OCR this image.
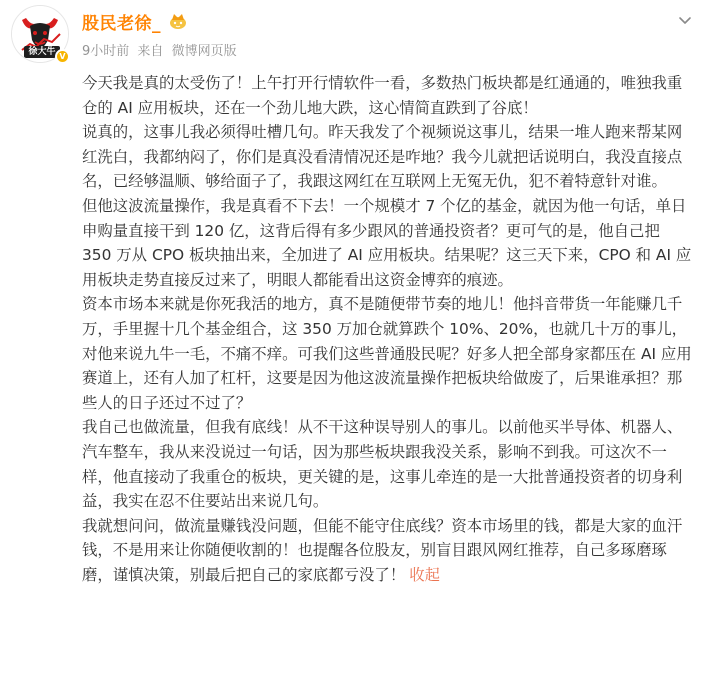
徐大牛 V
股民老徐_
9小时前 来自 微博网页版

今天我是真的太受伤了！上午打开行情软件一看，多数热门板块都是红通通的，唯独我重仓的 AI 应用板块，还在一个劲儿地大跌，这心情简直跌到了谷底！

说真的，这事儿我必须得吐槽几句。昨天我发了个视频说这事儿，结果一堆人跑来帮某网红洗白，我都纳闷了，你们是真没看清情况还是咋地？我今儿就把话说明白，我没直接点名，已经够温顺、够给面子了，我跟这网红在互联网上无冤无仇，犯不着特意针对谁。

但他这波流量操作，我是真看不下去！一个规模才 7 个亿的基金，就因为他一句话，单日申购量直接干到 120 亿，这背后得有多少跟风的普通投资者？更可气的是，他自己把 350 万从 CPO 板块抽出来，全加进了 AI 应用板块。结果呢？这三天下来，CPO 和 AI 应用板块走势直接反过来了，明眼人都能看出这资金博弈的痕迹。

资本市场本来就是你死我活的地方，真不是随便带节奏的地儿！他抖音带货一年能赚几千万，手里握十几个基金组合，这 350 万加仓就算跌个 10%、20%，也就几十万的事儿，对他来说九牛一毛，不痛不痒。可我们这些普通股民呢？好多人把全部身家都压在 AI 应用赛道上，还有人加了杠杆，这要是因为他这波流量操作把板块给做废了，后果谁承担？那些人的日子还过不过了？

我自己也做流量，但我有底线！从不干这种误导别人的事儿。以前他买半导体、机器人、汽车整车，我从来没说过一句话，因为那些板块跟我没关系，影响不到我。可这次不一样，他直接动了我重仓的板块，更关键的是，这事儿牵连的是一大批普通投资者的切身利益，我实在忍不住要站出来说几句。

我就想问问，做流量赚钱没问题，但能不能守住底线？资本市场里的钱，都是大家的血汗钱，不是用来让你随便收割的！也提醒各位股友，别盲目跟风网红推荐，自己多琢磨琢磨，谨慎决策，别最后把自己的家底都亏没了！ 收起
